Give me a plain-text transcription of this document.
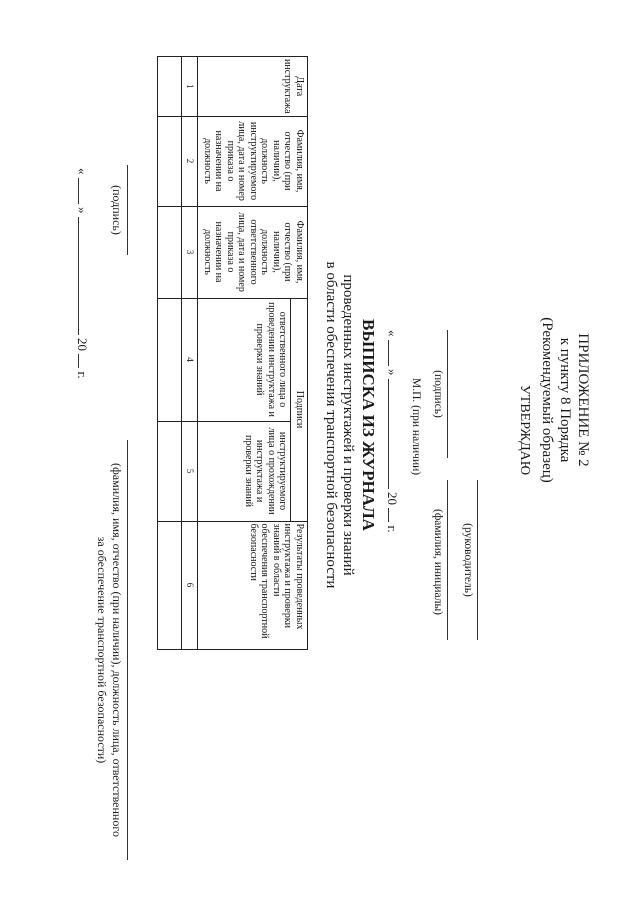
ПРИЛОЖЕНИЕ № 2
к пункту 8 Порядка
(Рекомендуемый образец)
УТВЕРЖДАЮ
(руководитель)
(подпись)
(фамилия, инициалы)
М.П. (при наличии)
«  »  20  г.
ВЫПИСКА ИЗ ЖУРНАЛА
проведенных инструктажей и проверки знаний
в области обеспечения транспортной безопасности
Дата инструктажа	Фамилия, имя, отчество (при наличии), должность инструктируемого лица, дата и номер приказа о назначении на должность	Фамилия, имя, отчество (при наличии), должность ответственного лица, дата и номер приказа о назначении на должность	Подписи		Результаты проведенных инструктажа и проверки знаний в области обеспечения транспортной безопасности
			ответственного лица о проведении инструктажа и проверки знаний	инструктируемого лица о прохождении инструктажа и проверки знаний	
1	2	3	4	5	6

(подпись)
(фамилия, имя, отчество (при наличии), должность лица, ответственного
за обеспечение транспортной безопасности)
«  »  20  г.
